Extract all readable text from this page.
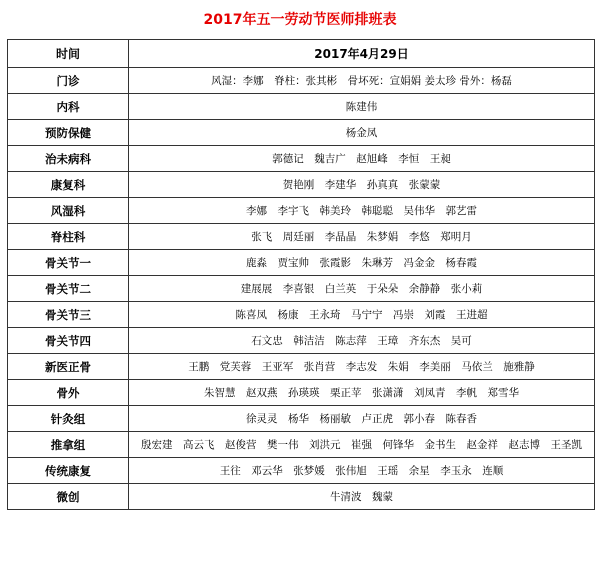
2017年五一劳动节医师排班表
时间	2017年4月29日
门诊	风湿：李娜　脊柱：张其彬　骨坏死：宣娟娟 姜太珍 骨外：杨磊
内科	陈建伟
预防保健	杨金凤
治未病科	郭德记　魏吉广　赵旭峰　李恒　王昶
康复科	贺艳刚　李建华　孙真真　张蒙蒙
风湿科	李娜　李宇飞　韩美玲　韩聪聪　吴伟华　郭艺雷
脊柱科	张飞　周廷丽　李晶晶　朱梦娟　李悠　郑明月
骨关节一	鹿淼　贾宝帅　张霞影　朱琳芳　冯金金　杨春霞
骨关节二	建展展　李喜银　白兰英　于朵朵　余静静　张小莉
骨关节三	陈喜凤　杨康　王永琦　马宁宁　冯崇　刘霞　王进超
骨关节四	石文忠　韩洁洁　陈志萍　王璋　齐东杰　吴可
新医正骨	王鹏　党芙蓉　王亚军　张肖营　李志发　朱娟　李美丽　马依兰　施雅静
骨外	朱智慧　赵双燕　孙瑛瑛　栗正苹　张潇潇　刘凤青　李帆　郑雪华
针灸组	徐灵灵　杨华　杨丽敏　卢正虎　郭小春　陈春香
推拿组	殷宏建　高云飞　赵俊营　樊一伟　刘洪元　崔强　何锋华　金书生　赵金祥　赵志博　王圣凯
传统康复	王往　邓云华　张梦媛　张伟旭　王瑶　余星　李玉永　连顺
微创	牛清波　魏蒙
